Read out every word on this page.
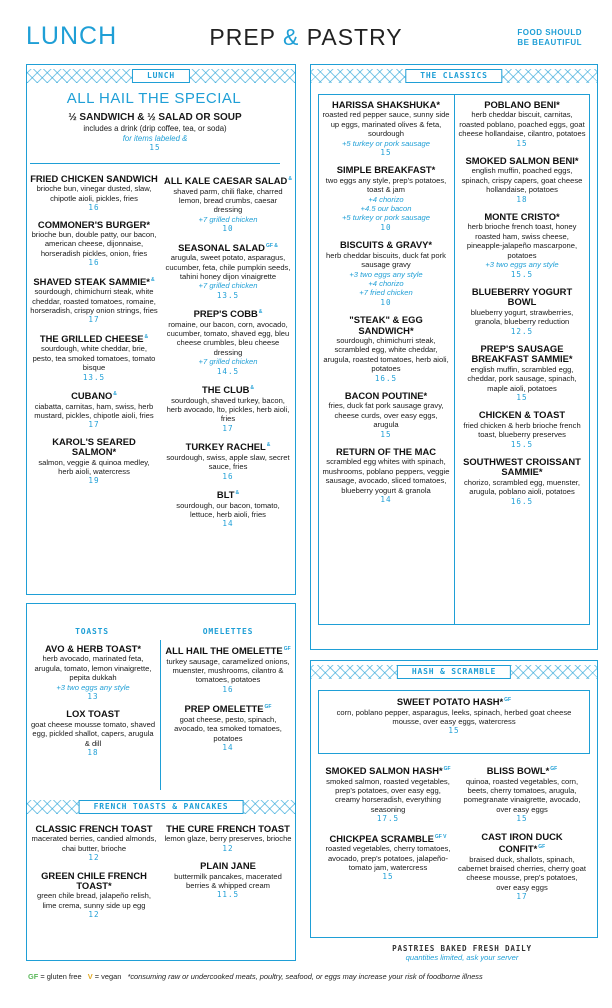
LUNCH	PREP & PASTRY	FOOD SHOULD
BE BEAUTIFUL
LUNCH
ALL HAIL THE SPECIAL
½ SANDWICH & ½ SALAD OR SOUP
includes a drink (drip coffee, tea, or soda)
for items labeled &
15
FRIED CHICKEN SANDWICH
brioche bun, vinegar dusted, slaw, chipotle aioli, pickles, fries
16
COMMONER'S BURGER*
brioche bun, double patty, our bacon, american cheese, dijonnaise, horseradish pickles, onion, fries
16
SHAVED STEAK SAMMIE*&
sourdough, chimichurri steak, white cheddar, roasted tomatoes, romaine, horseradish, crispy onion strings, fries
17
THE GRILLED CHEESE&
sourdough, white cheddar, brie, pesto, tea smoked tomatoes, tomato bisque
13.5
CUBANO&
ciabatta, carnitas, ham, swiss, herb mustard, pickles, chipotle aioli, fries
17
KAROL'S SEARED SALMON*
salmon, veggie & quinoa medley, herb aioli, watercress
19
ALL KALE CAESAR SALAD&
shaved parm, chili flake, charred lemon, bread crumbs, caesar dressing
+7 grilled chicken
10
SEASONAL $SALAD^{GF \&}$
arugula, sweet potato, asparagus, cucumber, feta, chile pumpkin seeds, tahini honey dijon vinaigrette
+7 grilled chicken
13.5
PREP'S COBB&
romaine, our bacon, corn, avocado, cucumber, tomato, shaved egg, bleu cheese crumbles, bleu cheese dressing
+7 grilled chicken
14.5
THE CLUB&
sourdough, shaved turkey, bacon, herb avocado, lto, pickles, herb aioli, fries
17
TURKEY RACHEL&
sourdough, swiss, apple slaw, secret sauce, fries
16
BLT&
sourdough, our bacon, tomato, lettuce, herb aioli, fries
14
TOASTS	OMELETTES
AVO & HERB TOAST*
herb avocado, marinated feta, arugula, tomato, lemon vinaigrette, pepita dukkah
+3 two eggs any style
13
LOX TOAST
goat cheese mousse tomato, shaved egg, pickled shallot, capers, arugula & dill
18
ALL HAIL THE $OMELETTE^{GF}$
turkey sausage, caramelized onions, muenster, mushrooms, cilantro & tomatoes, potatoes
16
PREP $OMELETTE^{GF}$
goat cheese, pesto, spinach, avocado, tea smoked tomatoes, potatoes
14
FRENCH TOASTS & PANCAKES
CLASSIC FRENCH TOAST
macerated berries, candied almonds, chai butter, brioche
12
GREEN CHILE FRENCH TOAST*
green chile bread, jalapeño relish, lime crema, sunny side up egg
12
THE CURE FRENCH TOAST
lemon glaze, berry preserves, brioche
12
PLAIN JANE
buttermilk pancakes, macerated berries & whipped cream
11.5
THE CLASSICS
HARISSA SHAKSHUKA*
roasted red pepper sauce, sunny side up eggs, marinated olives & feta, sourdough
+5 turkey or pork sausage
15
SIMPLE BREAKFAST*
two eggs any style, prep's potatoes, toast & jam
+4 chorizo
+4.5 our bacon
+5 turkey or pork sausage
10
BISCUITS & GRAVY*
herb cheddar biscuits, duck fat pork sausage gravy
+3 two eggs any style
+4 chorizo
+7 fried chicken
10
"STEAK" & EGG SANDWICH*
sourdough, chimichurri steak, scrambled egg, white cheddar, arugula, roasted tomatoes, herb aioli, potatoes
16.5
BACON POUTINE*
fries, duck fat pork sausage gravy, cheese curds, over easy eggs, arugula
15
RETURN OF THE MAC
scrambled egg whites with spinach, mushrooms, poblano peppers, veggie sausage, avocado, sliced tomatoes, blueberry yogurt & granola
14
POBLANO BENI*
herb cheddar biscuit, carnitas, roasted poblano, poached eggs, goat cheese hollandaise, cilantro, potatoes
15
SMOKED SALMON BENI*
english muffin, poached eggs, spinach, crispy capers, goat cheese hollandaise, potatoes
18
MONTE CRISTO*
herb brioche french toast, honey roasted ham, swiss cheese, pineapple-jalapeño mascarpone, potatoes
+3 two eggs any style
15.5
BLUEBERRY YOGURT BOWL
blueberry yogurt, strawberries, granola, blueberry reduction
12.5
PREP'S SAUSAGE BREAKFAST SAMMIE*
english muffin, scrambled egg, cheddar, pork sausage, spinach, maple aioli, potatoes
15
CHICKEN & TOAST
fried chicken & herb brioche french toast, blueberry preserves
15.5
SOUTHWEST CROISSANT SAMMIE*
chorizo, scrambled egg, muenster, arugula, poblano aioli, potatoes
16.5
HASH & SCRAMBLE
SWEET POTATO HASH*$^{GF}$
corn, poblano pepper, asparagus, leeks, spinach, herbed goat cheese mousse, over easy eggs, watercress
15
SMOKED SALMON HASH*$^{GF}$
smoked salmon, roasted vegetables, prep's potatoes, over easy egg, creamy horseradish, everything seasoning
17.5
CHICKPEA $SCRAMBLE^{GF V}$
roasted vegetables, cherry tomatoes, avocado, prep's potatoes, jalapeño-tomato jam, watercress
15
BLISS BOWL*$^{GF}$
quinoa, roasted vegetables, corn, beets, cherry tomatoes, arugula, pomegranate vinaigrette, avocado, over easy eggs
15
CAST IRON DUCK CONFIT*$^{GF}$
braised duck, shallots, spinach, cabernet braised cherries, cherry goat cheese mousse, prep's potatoes, over easy eggs
17
PASTRIES BAKED FRESH DAILY
quantities limited, ask your server
GF = gluten free V = vegan *consuming raw or undercooked meats, poultry, seafood, or eggs may increase your risk of foodborne illness
